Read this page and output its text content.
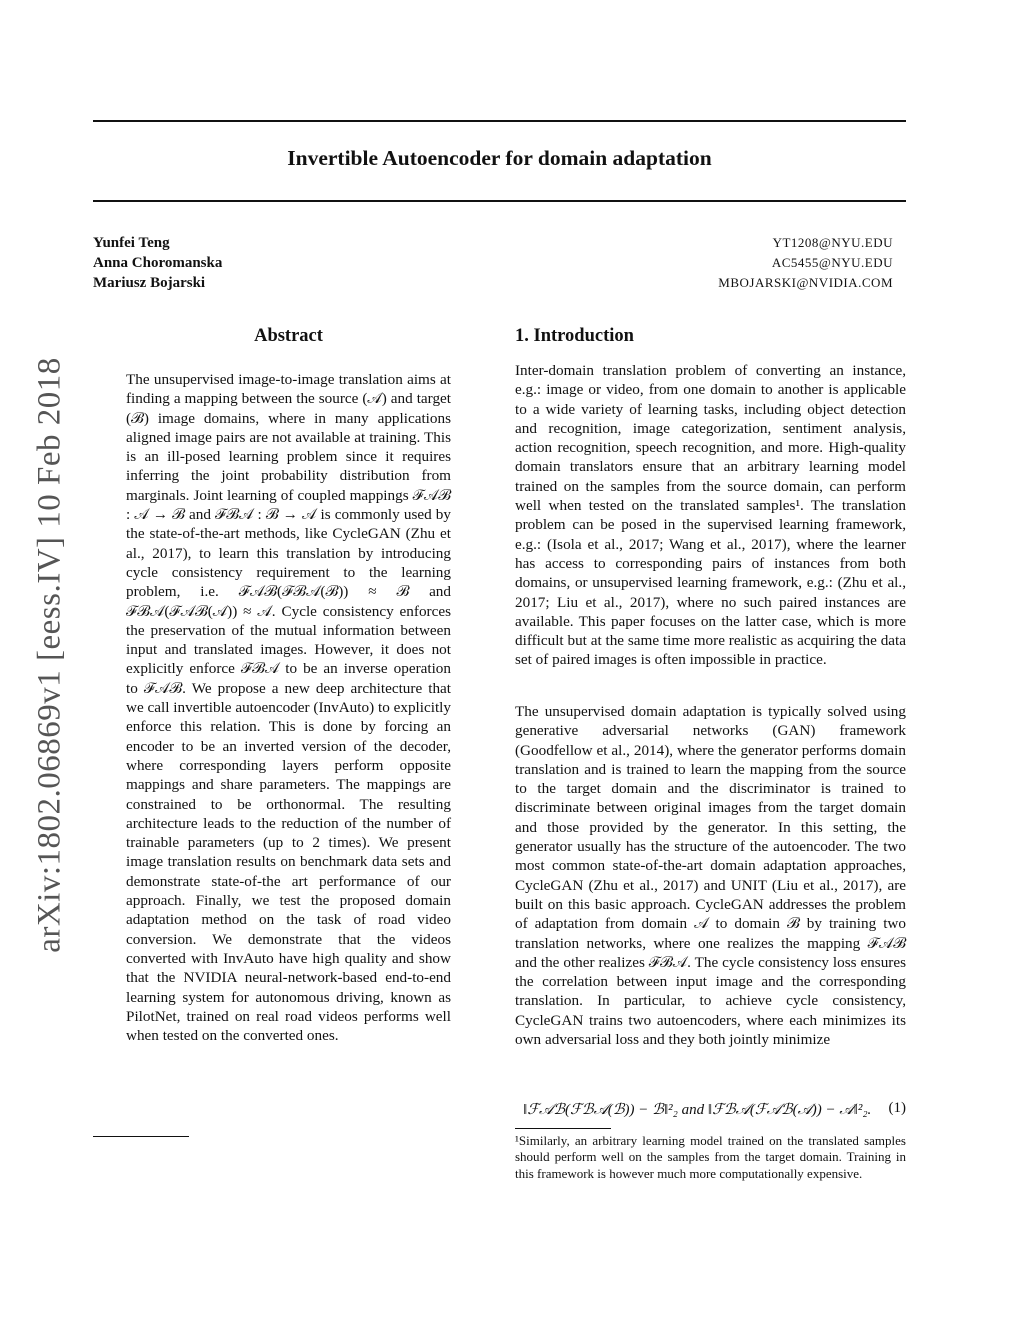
arXiv:1802.06869v1 [eess.IV] 10 Feb 2018
Invertible Autoencoder for domain adaptation
Yunfei Teng
Anna Choromanska
Mariusz Bojarski
YT1208@NYU.EDU
AC5455@NYU.EDU
MBOJARSKI@NVIDIA.COM
Abstract

The unsupervised image-to-image translation aims at finding a mapping between the source (𝒜) and target (ℬ) image domains, where in many applications aligned image pairs are not available at training. This is an ill-posed learning problem since it requires inferring the joint probability distribution from marginals. Joint learning of coupled mappings ℱ𝒜ℬ : 𝒜 → ℬ and ℱℬ𝒜 : ℬ → 𝒜 is commonly used by the state-of-the-art methods, like CycleGAN (Zhu et al., 2017), to learn this translation by introducing cycle consistency requirement to the learning problem, i.e. ℱ𝒜ℬ(ℱℬ𝒜(ℬ)) ≈ ℬ and ℱℬ𝒜(ℱ𝒜ℬ(𝒜)) ≈ 𝒜. Cycle consistency enforces the preservation of the mutual information between input and translated images. However, it does not explicitly enforce ℱℬ𝒜 to be an inverse operation to ℱ𝒜ℬ. We propose a new deep architecture that we call invertible autoencoder (InvAuto) to explicitly enforce this relation. This is done by forcing an encoder to be an inverted version of the decoder, where corresponding layers perform opposite mappings and share parameters. The mappings are constrained to be orthonormal. The resulting architecture leads to the reduction of the number of trainable parameters (up to 2 times). We present image translation results on benchmark data sets and demonstrate state-of-the art performance of our approach. Finally, we test the proposed domain adaptation method on the task of road video conversion. We demonstrate that the videos converted with InvAuto have high quality and show that the NVIDIA neural-network-based end-to-end learning system for autonomous driving, known as PilotNet, trained on real road videos performs well when tested on the converted ones.

1. Introduction

Inter-domain translation problem of converting an instance, e.g.: image or video, from one domain to another is applicable to a wide variety of learning tasks, including object detection and recognition, image categorization, sentiment analysis, action recognition, speech recognition, and more. High-quality domain translators ensure that an arbitrary learning model trained on the samples from the source domain, can perform well when tested on the translated samples¹. The translation problem can be posed in the supervised learning framework, e.g.: (Isola et al., 2017; Wang et al., 2017), where the learner has access to corresponding pairs of instances from both domains, or unsupervised learning framework, e.g.: (Zhu et al., 2017; Liu et al., 2017), where no such paired instances are available. This paper focuses on the latter case, which is more difficult but at the same time more realistic as acquiring the data set of paired images is often impossible in practice.

The unsupervised domain adaptation is typically solved using generative adversarial networks (GAN) framework (Goodfellow et al., 2014), where the generator performs domain translation and is trained to learn the mapping from the source to the target domain and the discriminator is trained to discriminate between original images from the target domain and those provided by the generator. In this setting, the generator usually has the structure of the autoencoder. The two most common state-of-the-art domain adaptation approaches, CycleGAN (Zhu et al., 2017) and UNIT (Liu et al., 2017), are built on this basic approach. CycleGAN addresses the problem of adaptation from domain 𝒜 to domain ℬ by training two translation networks, where one realizes the mapping ℱ𝒜ℬ and the other realizes ℱℬ𝒜. The cycle consistency loss ensures the correlation between input image and the corresponding translation. In particular, to achieve cycle consistency, CycleGAN trains two autoencoders, where each minimizes its own adversarial loss and they both jointly minimize

‖ℱ𝒜ℬ(ℱℬ𝒜(ℬ)) − ℬ‖²₂ and ‖ℱℬ𝒜(ℱ𝒜ℬ(𝒜)) − 𝒜‖²₂. (1)

¹Similarly, an arbitrary learning model trained on the translated samples should perform well on the samples from the target domain. Training in this framework is however much more computationally expensive.
